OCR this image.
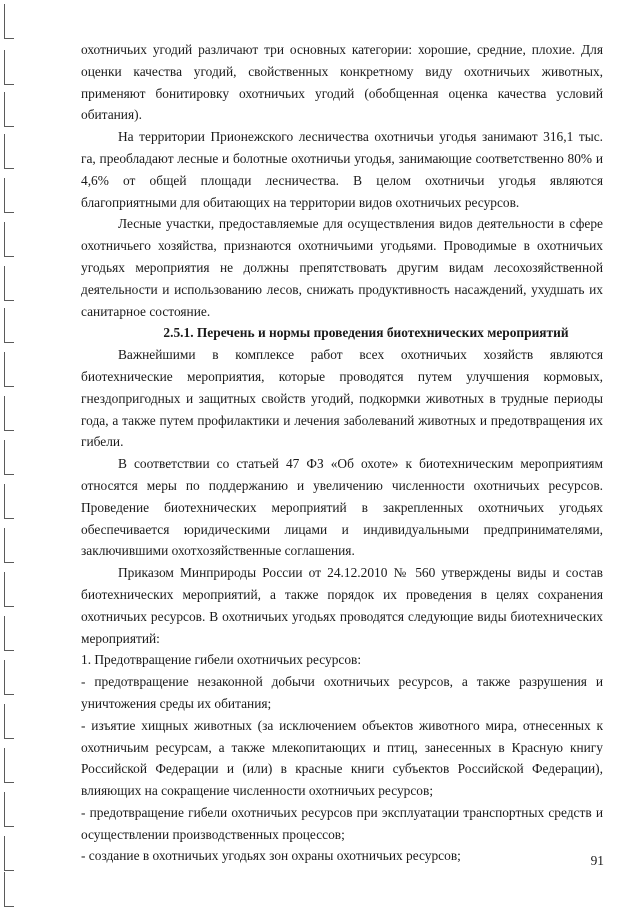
охотничьих угодий различают три основных категории: хорошие, средние, плохие. Для оценки качества угодий, свойственных конкретному виду охотничьих животных, применяют бонитировку охотничьих угодий (обобщенная оценка качества условий обитания).

На территории Прионежского лесничества охотничьи угодья занимают 316,1 тыс. га, преобладают лесные и болотные охотничьи угодья, занимающие соответственно 80% и 4,6% от общей площади лесничества. В целом охотничьи угодья являются благоприятными для обитающих на территории видов охотничьих ресурсов.

Лесные участки, предоставляемые для осуществления видов деятельности в сфере охотничьего хозяйства, признаются охотничьими угодьями. Проводимые в охотничьих угодьях мероприятия не должны препятствовать другим видам лесохозяйственной деятельности и использованию лесов, снижать продуктивность насаждений, ухудшать их санитарное состояние.

2.5.1. Перечень и нормы проведения биотехнических мероприятий

Важнейшими в комплексе работ всех охотничьих хозяйств являются биотехнические мероприятия, которые проводятся путем улучшения кормовых, гнездопригодных и защитных свойств угодий, подкормки животных в трудные периоды года, а также путем профилактики и лечения заболеваний животных и предотвращения их гибели.

В соответствии со статьей 47 ФЗ «Об охоте» к биотехническим мероприятиям относятся меры по поддержанию и увеличению численности охотничьих ресурсов. Проведение биотехнических мероприятий в закрепленных охотничьих угодьях обеспечивается юридическими лицами и индивидуальными предпринимателями, заключившими охотхозяйственные соглашения.

Приказом Минприроды России от 24.12.2010 № 560 утверждены виды и состав биотехнических мероприятий, а также порядок их проведения в целях сохранения охотничьих ресурсов. В охотничьих угодьях проводятся следующие виды биотехнических мероприятий:

1. Предотвращение гибели охотничьих ресурсов:

- предотвращение незаконной добычи охотничьих ресурсов, а также разрушения и уничтожения среды их обитания;

- изъятие хищных животных (за исключением объектов животного мира, отнесенных к охотничьим ресурсам, а также млекопитающих и птиц, занесенных в Красную книгу Российской Федерации и (или) в красные книги субъектов Российской Федерации), влияющих на сокращение численности охотничьих ресурсов;

- предотвращение гибели охотничьих ресурсов при эксплуатации транспортных средств и осуществлении производственных процессов;

- создание в охотничьих угодьях зон охраны охотничьих ресурсов;	91
